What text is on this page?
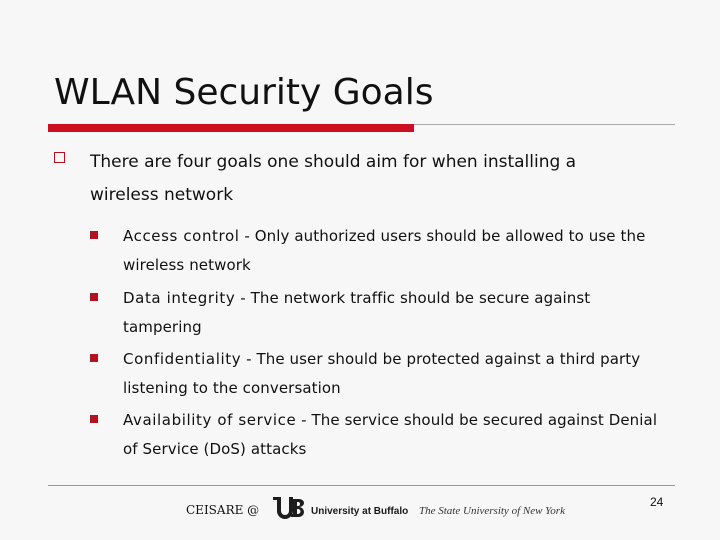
WLAN Security Goals
There are four goals one should aim for when installing a wireless network
Access control - Only authorized users should be allowed to use the wireless network
Data integrity - The network traffic should be secure against tampering
Confidentiality - The user should be protected against a third party listening to the conversation
Availability of service - The service should be secured against Denial of Service (DoS) attacks
CEISARE @	University at Buffalo The State University of New York
24
